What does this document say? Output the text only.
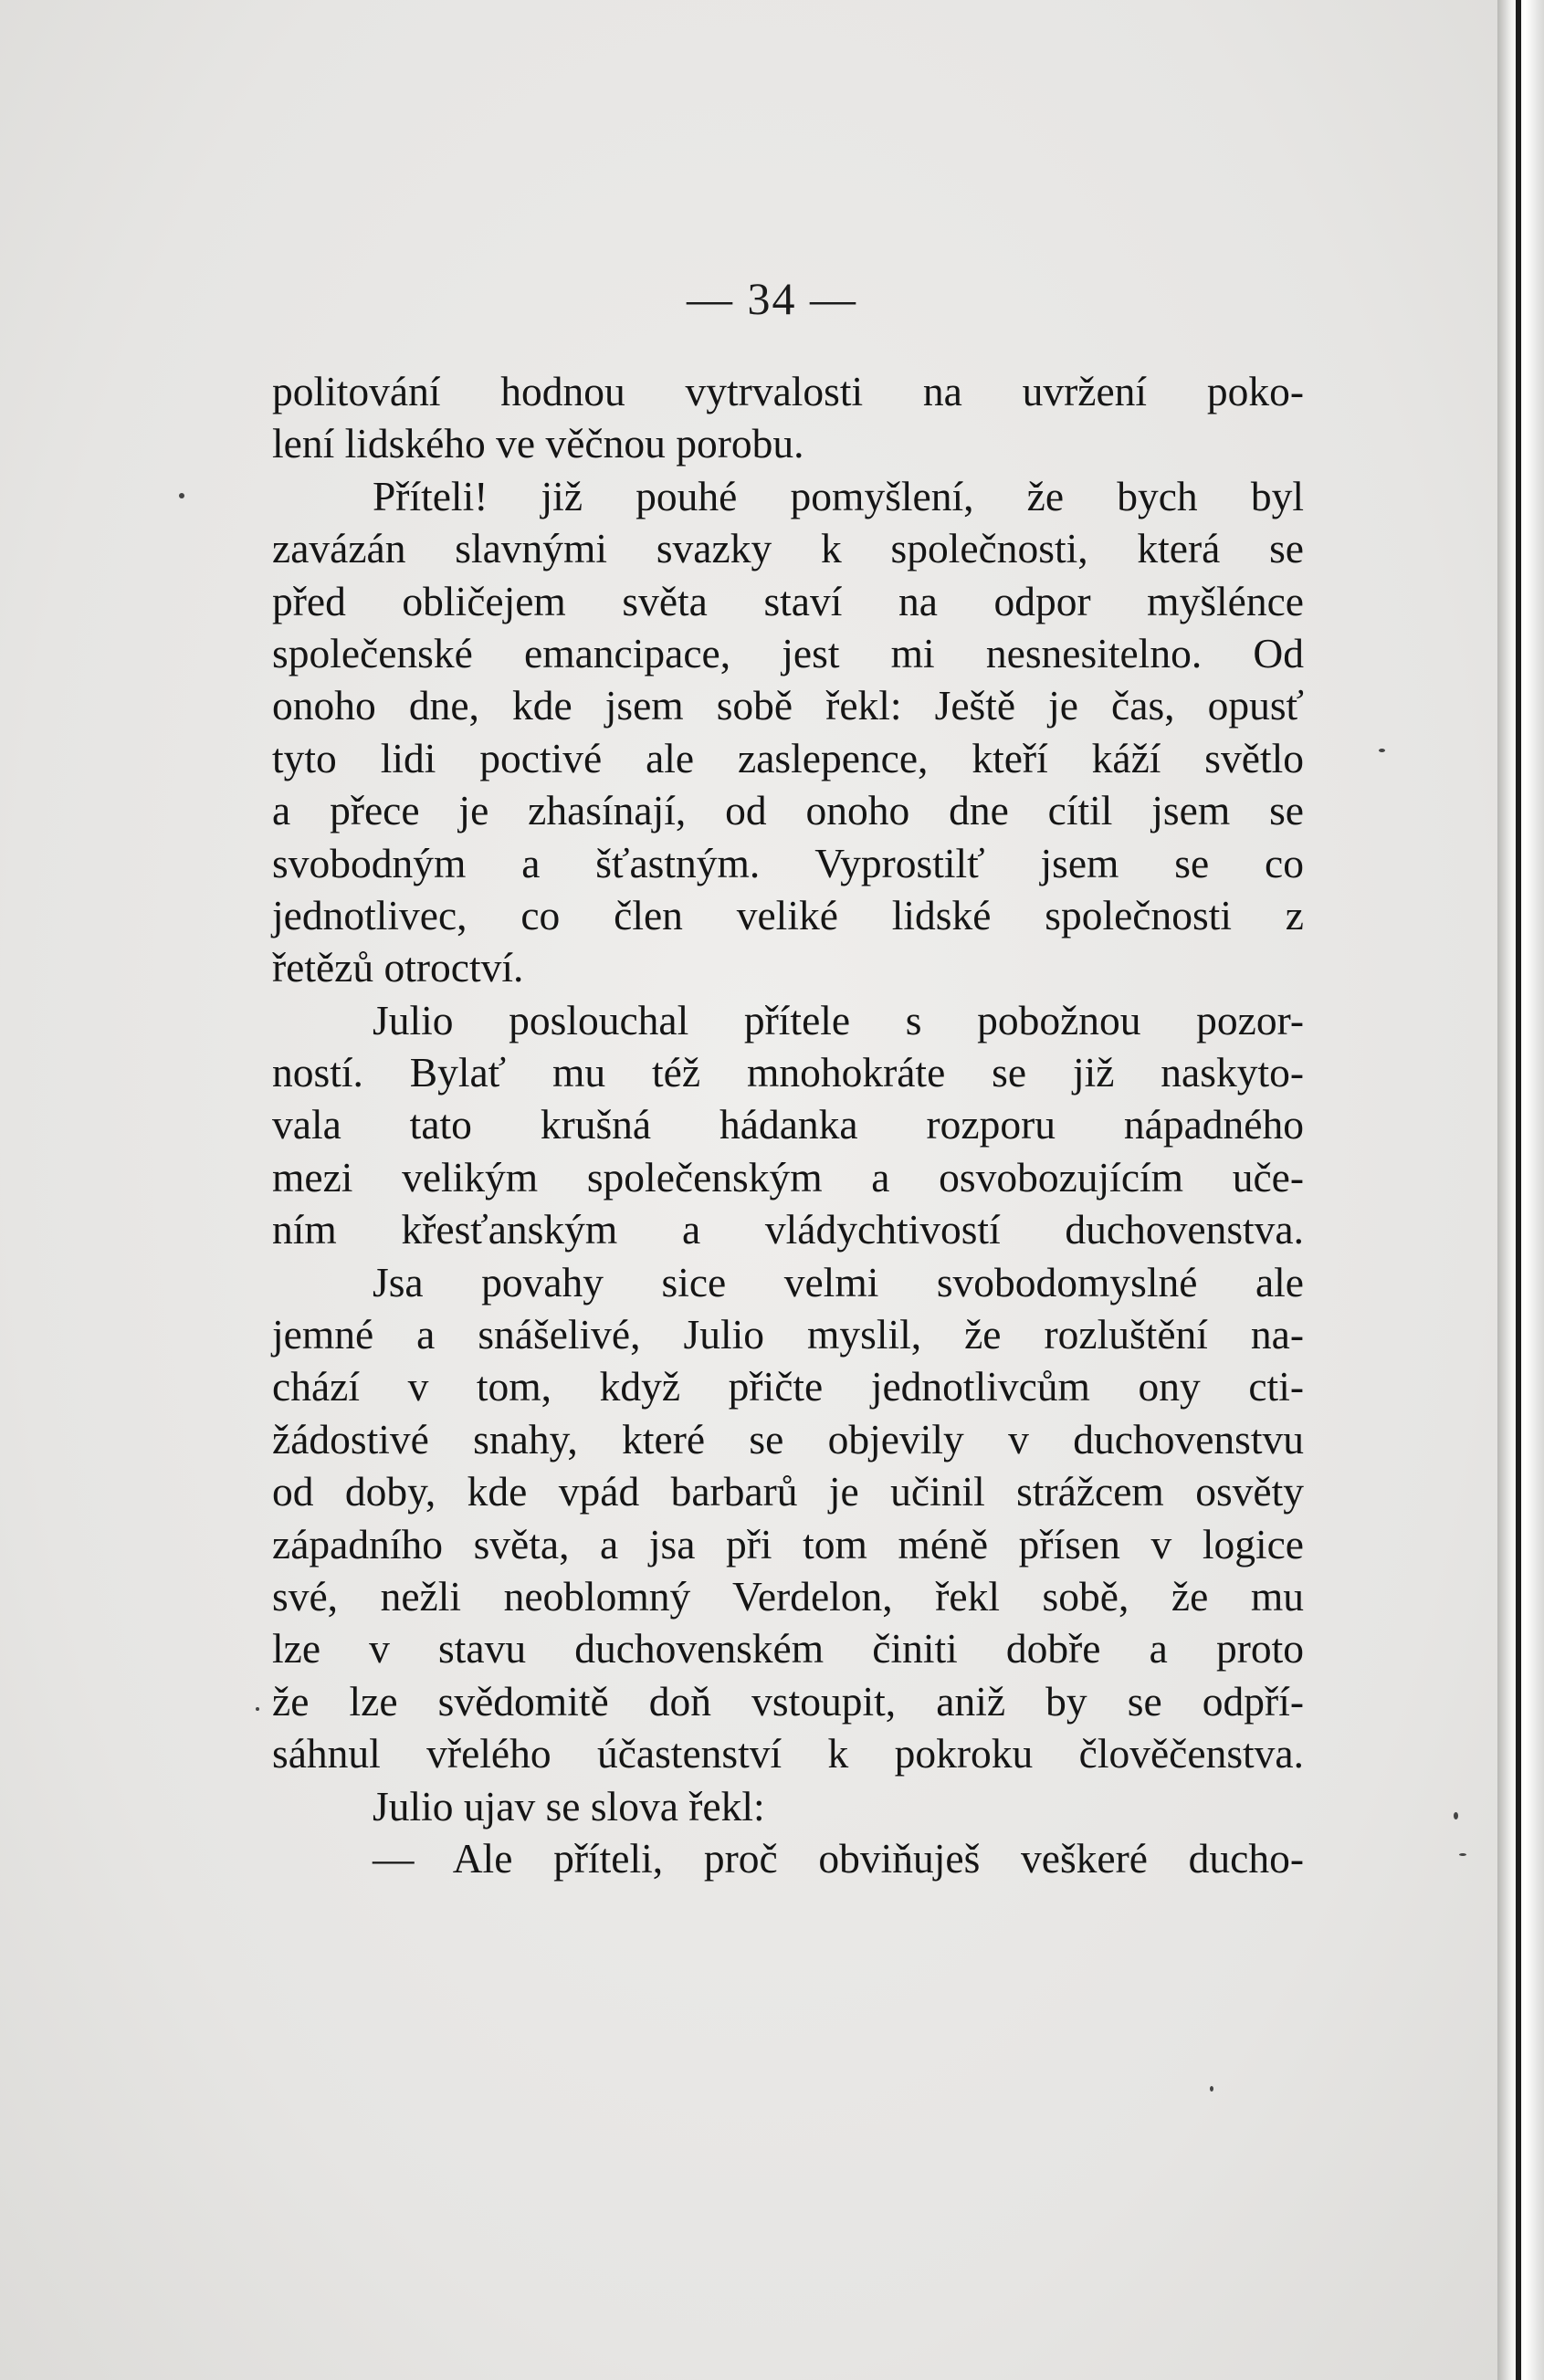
— 34 —
politování hodnou vytrvalosti na uvržení poko-
lení lidského ve věčnou porobu.
Příteli! již pouhé pomyšlení, že bych byl
zavázán slavnými svazky k společnosti, která se
před obličejem světa staví na odpor myšlénce
společenské emancipace, jest mi nesnesitelno. Od
onoho dne, kde jsem sobě řekl: Ještě je čas, opusť
tyto lidi poctivé ale zaslepence, kteří káží světlo
a přece je zhasínají, od onoho dne cítil jsem se
svobodným a šťastným. Vyprostilť jsem se co
jednotlivec, co člen veliké lidské společnosti z
řetězů otroctví.
Julio poslouchal přítele s pobožnou pozor-
ností. Bylať mu též mnohokráte se již naskyto-
vala tato krušná hádanka rozporu nápadného
mezi velikým společenským a osvobozujícím uče-
ním křesťanským a vládychtivostí duchovenstva.
Jsa povahy sice velmi svobodomyslné ale
jemné a snášelivé, Julio myslil, že rozluštění na-
chází v tom, když přičte jednotlivcům ony cti-
žádostivé snahy, které se objevily v duchovenstvu
od doby, kde vpád barbarů je učinil strážcem osvěty
západního světa, a jsa při tom méně přísen v logice
své, nežli neoblomný Verdelon, řekl sobě, že mu
lze v stavu duchovenském činiti dobře a proto
že lze svědomitě doň vstoupit, aniž by se odpří-
sáhnul vřelého účastenství k pokroku člověčenstva.
Julio ujav se slova řekl:
— Ale příteli, proč obviňuješ veškeré ducho-
